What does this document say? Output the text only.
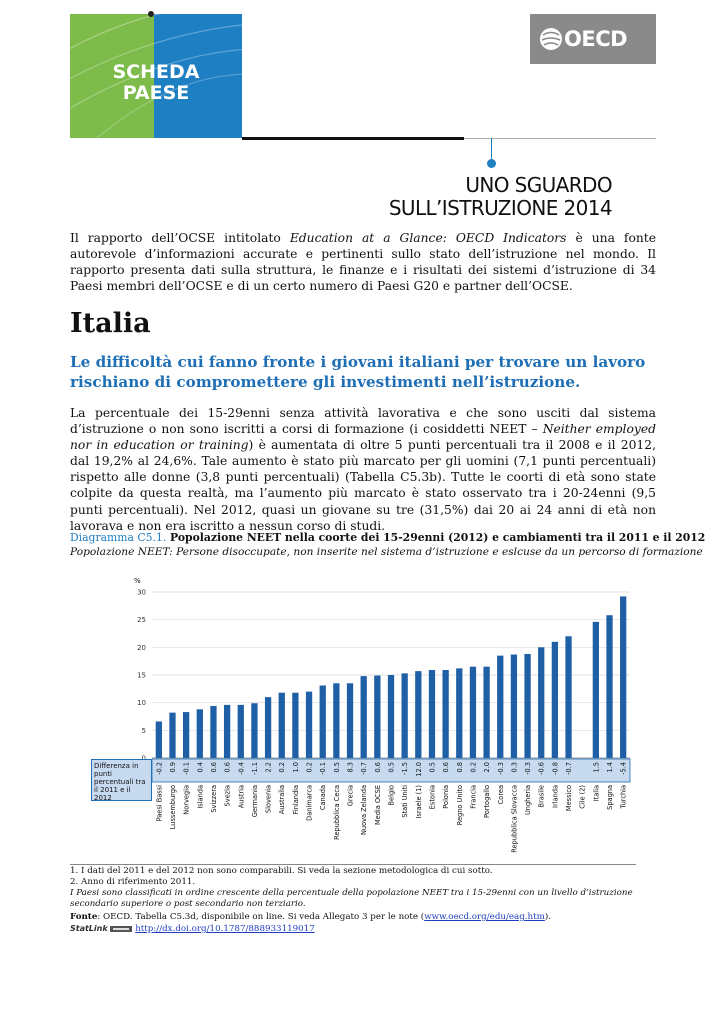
SCHEDA
PAESE
OECD
UNO SGUARDO
SULL’ISTRUZIONE 2014
Il rapporto dell’OCSE intitolato Education at a Glance: OECD Indicators è una fonte autorevole d’informazioni accurate e pertinenti sullo stato dell’istruzione nel mondo. Il rapporto presenta dati sulla struttura, le finanze e i risultati dei sistemi d’istruzione di 34 Paesi membri dell’OCSE e di un certo numero di Paesi G20 e partner dell’OCSE.
Italia
Le difficoltà cui fanno fronte i giovani italiani per trovare un lavoro rischiano di compromettere gli investimenti nell’istruzione.
La percentuale dei 15-29enni senza attività lavorativa e che sono usciti dal sistema d’istruzione o non sono iscritti a corsi di formazione (i cosiddetti NEET – Neither employed nor in education or training) è aumentata di oltre 5 punti percentuali tra il 2008 e il 2012, dal 19,2% al 24,6%. Tale aumento è stato più marcato per gli uomini (7,1 punti percentuali) rispetto alle donne (3,8 punti percentuali) (Tabella C5.3b). Tutte le coorti di età sono state colpite da questa realtà, ma l’aumento più marcato è stato osservato tra i 20-24enni (9,5 punti percentuali). Nel 2012, quasi un giovane su tre (31,5%) dai 20 ai 24 anni di età non lavorava e non era iscritto a nessun corso di studi.
Diagramma C5.1. Popolazione NEET nella coorte dei 15-29enni (2012) e cambiamenti tra il 2011 e il 2012
Popolazione NEET: Persone disoccupate, non inserite nel sistema d’istruzione e eslcuse da un percorso di formazione
5
10
15
20
25
30
%
-0.2 0.9 -0.1 0.4 0.6 0.6 -0.4 -1.1 2.2 0.2 1.0 0.2 -0.1 0.5 8.3 -0.7 0.6 0.5 -1.5 12.0 0.5 0.6 0.8 0.2 2.0 -0.3 0.3 -0.3 -0.6 -0.8 -0.7	1.5 1.4 -5.4
Paesi Bassi Lussemburgo Norvegia Islanda Svizzera Svezia Austria Germania Slovenia Australia Finlandia Danimarca Canada Repubblica Ceca Grecia Nuova Zelanda Media OCSE Belgio Stati Uniti Israele (1) Estonia Polonia Regno Unito Francia Portogallo Corea Repubblica Slovacca Ungheria Brasile Irlanda Messico Cile (2) Italia Spagna Turchia
Differenza in punti percentuali tra il 2011 e il 2012
1. I dati del 2011 e del 2012 non sono comparabili. Si veda la sezione metodologica di cui sotto.
2. Anno di riferimento 2011.
I Paesi sono classificati in ordine crescente della percentuale della popolazione NEET tra i 15-29enni con un livello d’istruzione secondario superiore o post secondario non terziario.
Fonte: OECD. Tabella C5.3d, disponibile on line. Si veda Allegato 3 per le note (www.oecd.org/edu/eag.htm).
StatLink	http://dx.doi.org/10.1787/888933119017
